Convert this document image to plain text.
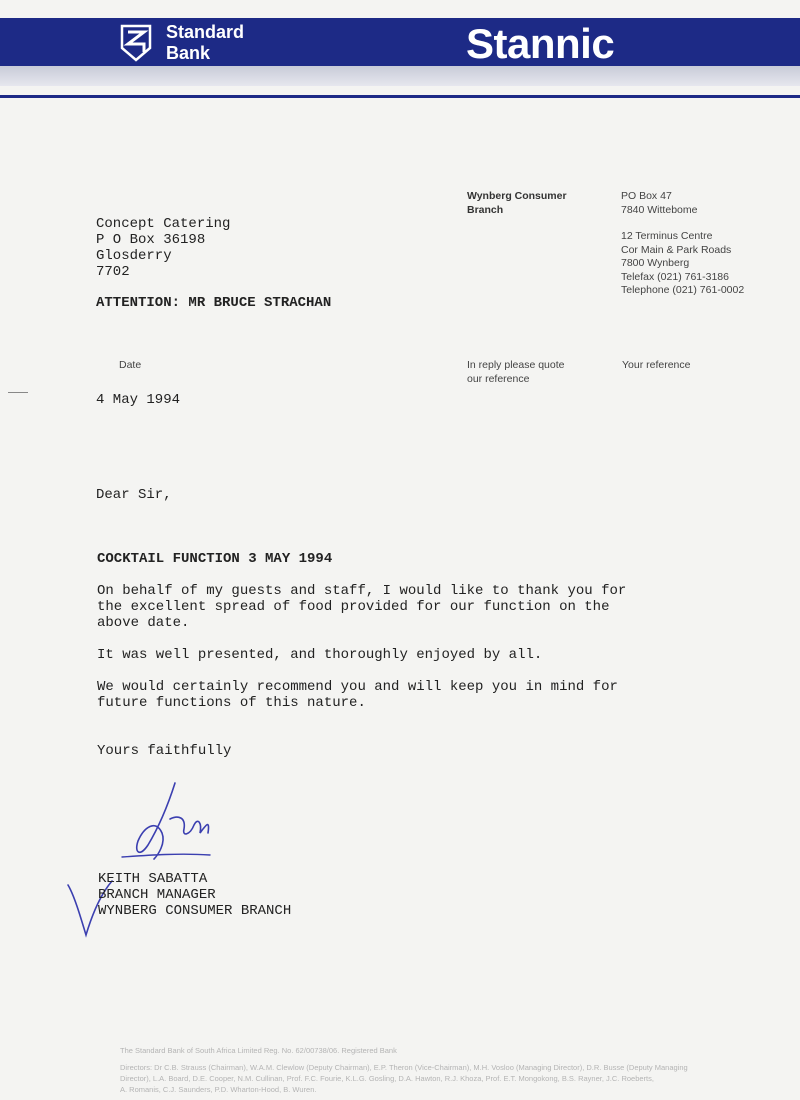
Standard
Bank	Stannic
Concept Catering
P O Box 36198
Glosderry
7702
ATTENTION: MR BRUCE STRACHAN
Wynberg Consumer
Branch
PO Box 47
7840 Wittebome
12 Terminus Centre
Cor Main & Park Roads
7800 Wynberg
Telefax (021) 761-3186
Telephone (021) 761-0002
Date	In reply please quote
our reference
Your reference
4 May 1994
Dear Sir,
COCKTAIL FUNCTION 3 MAY 1994
On behalf of my guests and staff, I would like to thank you for
the excellent spread of food provided for our function on the
above date.
It was well presented, and thoroughly enjoyed by all.
We would certainly recommend you and will keep you in mind for
future functions of this nature.
Yours faithfully
KEITH SABATTA
BRANCH MANAGER
WYNBERG CONSUMER BRANCH
The Standard Bank of South Africa Limited Reg. No. 62/00738/06. Registered Bank
Directors: Dr C.B. Strauss (Chairman), W.A.M. Clewlow (Deputy Chairman), E.P. Theron (Vice-Chairman), M.H. Vosloo (Managing Director), D.R. Busse (Deputy Managing
Director), L.A. Board, D.E. Cooper, N.M. Cullinan, Prof. F.C. Fourie, K.L.G. Gosling, D.A. Hawton, R.J. Khoza, Prof. E.T. Mongokong, B.S. Rayner, J.C. Roeberts,
A. Romanis, C.J. Saunders, P.D. Wharton-Hood, B. Wuren.
